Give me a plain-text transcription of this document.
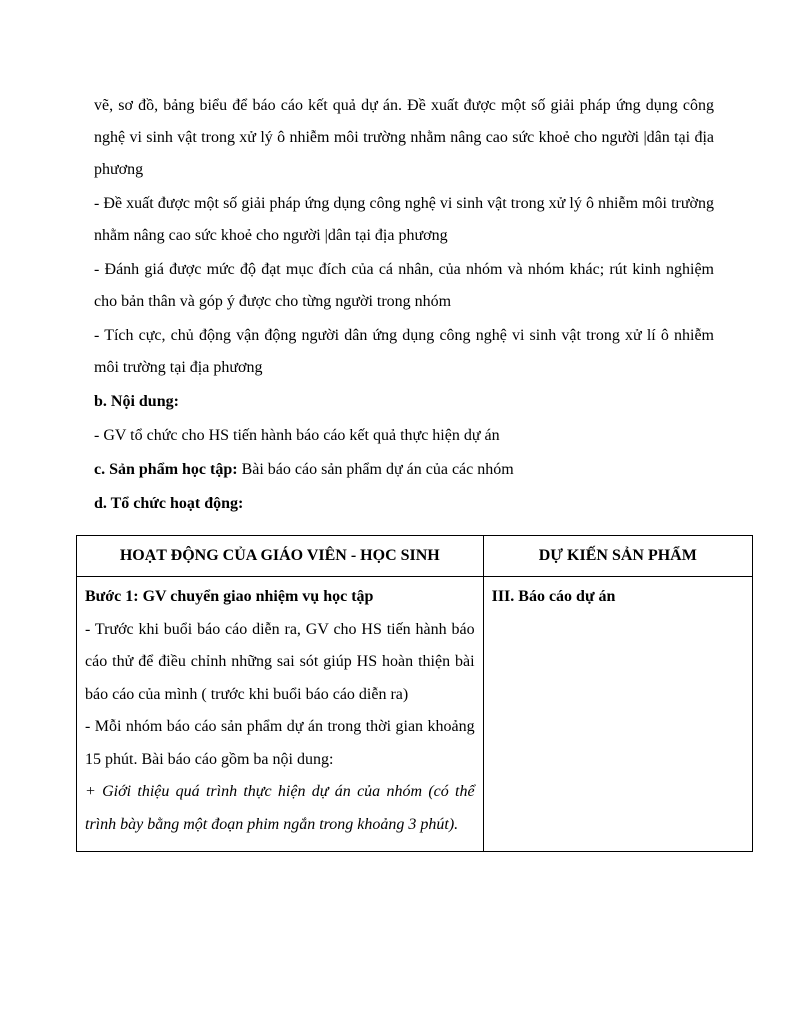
vẽ, sơ đồ, bảng biểu để báo cáo kết quả dự án. Đề xuất được một số giải pháp ứng dụng công nghệ vi sinh vật trong xử lý ô nhiễm môi trường nhằm nâng cao sức khoẻ cho người |dân tại địa phương

- Đề xuất được một số giải pháp ứng dụng công nghệ vi sinh vật trong xử lý ô nhiễm môi trường nhằm nâng cao sức khoẻ cho người |dân tại địa phương

- Đánh giá được mức độ đạt mục đích của cá nhân, của nhóm và nhóm khác; rút kinh nghiệm cho bản thân và góp ý được cho từng người trong nhóm

- Tích cực, chủ động vận động người dân ứng dụng công nghệ vi sinh vật trong xử lí ô nhiễm môi trường tại địa phương

b. Nội dung:

- GV tổ chức cho HS tiến hành báo cáo kết quả thực hiện dự án

c. Sản phẩm học tập: Bài báo cáo sản phẩm dự án của các nhóm

d. Tổ chức hoạt động:

HOẠT ĐỘNG CỦA GIÁO VIÊN - HỌC SINH	DỰ KIẾN SẢN PHẨM

Bước 1: GV chuyển giao nhiệm vụ học tập

- Trước khi buổi báo cáo diễn ra, GV cho HS tiến hành báo cáo thử để điều chỉnh những sai sót giúp HS hoàn thiện bài báo cáo của mình ( trước khi buổi báo cáo diễn ra)

- Mỗi nhóm báo cáo sản phẩm dự án trong thời gian khoảng 15 phút. Bài báo cáo gồm ba nội dung:

+ Giới thiệu quá trình thực hiện dự án của nhóm (có thể trình bày bằng một đoạn phim ngắn trong khoảng 3 phút).	III. Báo cáo dự án
